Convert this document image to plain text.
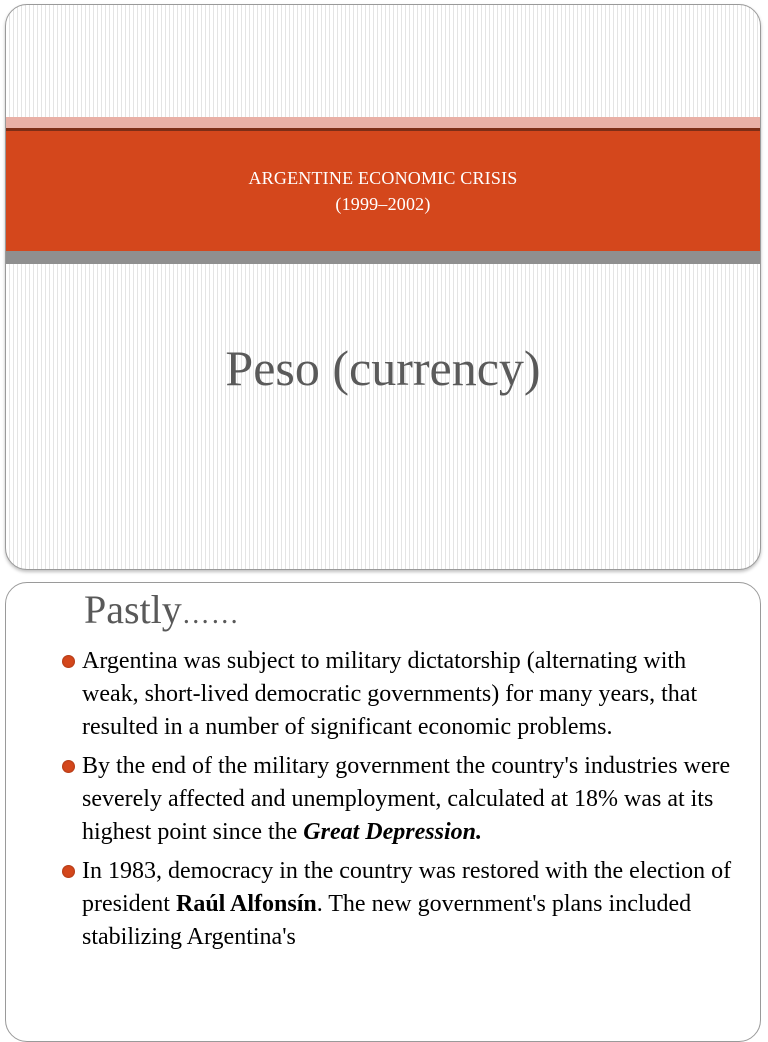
ARGENTINE ECONOMIC CRISIS
(1999–2002)
Peso (currency)
Pastly……
Argentina was subject to military dictatorship (alternating with weak, short-lived democratic governments) for many years, that resulted in a number of significant economic problems.
By the end of the military government the country's industries were severely affected and unemployment, calculated at 18% was at its highest point since the Great Depression.
In 1983, democracy in the country was restored with the election of president Raúl Alfonsín. The new government's plans included stabilizing Argentina's
